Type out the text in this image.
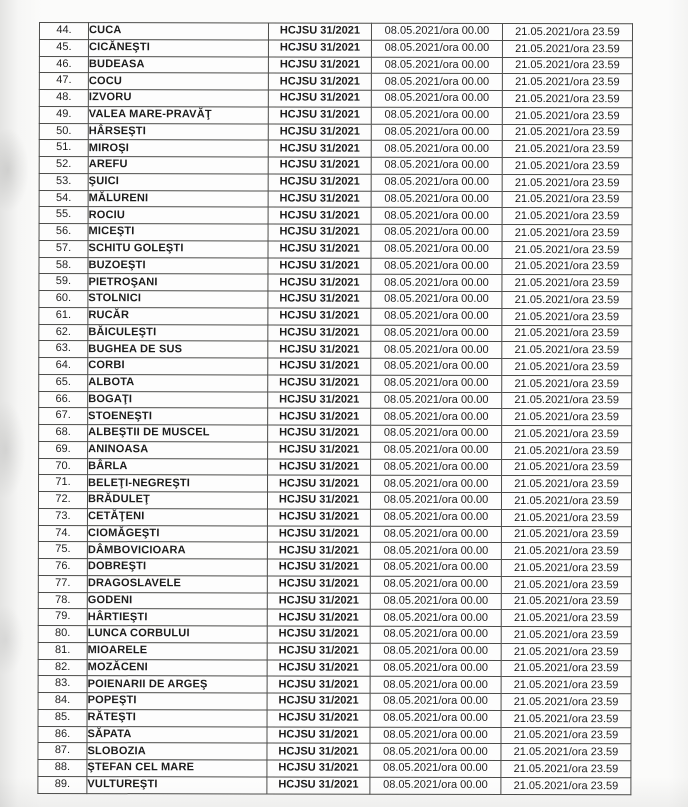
44.	CUCA	HCJSU 31/2021	08.05.2021/ora 00.00	21.05.2021/ora 23.59
45.	CICĂNEŞTI	HCJSU 31/2021	08.05.2021/ora 00.00	21.05.2021/ora 23.59
46.	BUDEASA	HCJSU 31/2021	08.05.2021/ora 00.00	21.05.2021/ora 23.59
47.	COCU	HCJSU 31/2021	08.05.2021/ora 00.00	21.05.2021/ora 23.59
48.	IZVORU	HCJSU 31/2021	08.05.2021/ora 00.00	21.05.2021/ora 23.59
49.	VALEA MARE-PRAVĂŢ	HCJSU 31/2021	08.05.2021/ora 00.00	21.05.2021/ora 23.59
50.	HÂRSEŞTI	HCJSU 31/2021	08.05.2021/ora 00.00	21.05.2021/ora 23.59
51.	MIROŞI	HCJSU 31/2021	08.05.2021/ora 00.00	21.05.2021/ora 23.59
52.	AREFU	HCJSU 31/2021	08.05.2021/ora 00.00	21.05.2021/ora 23.59
53.	ŞUICI	HCJSU 31/2021	08.05.2021/ora 00.00	21.05.2021/ora 23.59
54.	MĂLURENI	HCJSU 31/2021	08.05.2021/ora 00.00	21.05.2021/ora 23.59
55.	ROCIU	HCJSU 31/2021	08.05.2021/ora 00.00	21.05.2021/ora 23.59
56.	MICEŞTI	HCJSU 31/2021	08.05.2021/ora 00.00	21.05.2021/ora 23.59
57.	SCHITU GOLEŞTI	HCJSU 31/2021	08.05.2021/ora 00.00	21.05.2021/ora 23.59
58.	BUZOEŞTI	HCJSU 31/2021	08.05.2021/ora 00.00	21.05.2021/ora 23.59
59.	PIETROŞANI	HCJSU 31/2021	08.05.2021/ora 00.00	21.05.2021/ora 23.59
60.	STOLNICI	HCJSU 31/2021	08.05.2021/ora 00.00	21.05.2021/ora 23.59
61.	RUCĂR	HCJSU 31/2021	08.05.2021/ora 00.00	21.05.2021/ora 23.59
62.	BĂICULEŞTI	HCJSU 31/2021	08.05.2021/ora 00.00	21.05.2021/ora 23.59
63.	BUGHEA DE SUS	HCJSU 31/2021	08.05.2021/ora 00.00	21.05.2021/ora 23.59
64.	CORBI	HCJSU 31/2021	08.05.2021/ora 00.00	21.05.2021/ora 23.59
65.	ALBOTA	HCJSU 31/2021	08.05.2021/ora 00.00	21.05.2021/ora 23.59
66.	BOGAŢI	HCJSU 31/2021	08.05.2021/ora 00.00	21.05.2021/ora 23.59
67.	STOENEŞTI	HCJSU 31/2021	08.05.2021/ora 00.00	21.05.2021/ora 23.59
68.	ALBEŞTII DE MUSCEL	HCJSU 31/2021	08.05.2021/ora 00.00	21.05.2021/ora 23.59
69.	ANINOASA	HCJSU 31/2021	08.05.2021/ora 00.00	21.05.2021/ora 23.59
70.	BÂRLA	HCJSU 31/2021	08.05.2021/ora 00.00	21.05.2021/ora 23.59
71.	BELEŢI-NEGREŞTI	HCJSU 31/2021	08.05.2021/ora 00.00	21.05.2021/ora 23.59
72.	BRĂDULEŢ	HCJSU 31/2021	08.05.2021/ora 00.00	21.05.2021/ora 23.59
73.	CETĂŢENI	HCJSU 31/2021	08.05.2021/ora 00.00	21.05.2021/ora 23.59
74.	CIOMĂGEŞTI	HCJSU 31/2021	08.05.2021/ora 00.00	21.05.2021/ora 23.59
75.	DÂMBOVICIOARA	HCJSU 31/2021	08.05.2021/ora 00.00	21.05.2021/ora 23.59
76.	DOBREŞTI	HCJSU 31/2021	08.05.2021/ora 00.00	21.05.2021/ora 23.59
77.	DRAGOSLAVELE	HCJSU 31/2021	08.05.2021/ora 00.00	21.05.2021/ora 23.59
78.	GODENI	HCJSU 31/2021	08.05.2021/ora 00.00	21.05.2021/ora 23.59
79.	HÂRTIEŞTI	HCJSU 31/2021	08.05.2021/ora 00.00	21.05.2021/ora 23.59
80.	LUNCA CORBULUI	HCJSU 31/2021	08.05.2021/ora 00.00	21.05.2021/ora 23.59
81.	MIOARELE	HCJSU 31/2021	08.05.2021/ora 00.00	21.05.2021/ora 23.59
82.	MOZĂCENI	HCJSU 31/2021	08.05.2021/ora 00.00	21.05.2021/ora 23.59
83.	POIENARII DE ARGEŞ	HCJSU 31/2021	08.05.2021/ora 00.00	21.05.2021/ora 23.59
84.	POPEŞTI	HCJSU 31/2021	08.05.2021/ora 00.00	21.05.2021/ora 23.59
85.	RĂTEŞTI	HCJSU 31/2021	08.05.2021/ora 00.00	21.05.2021/ora 23.59
86.	SĂPATA	HCJSU 31/2021	08.05.2021/ora 00.00	21.05.2021/ora 23.59
87.	SLOBOZIA	HCJSU 31/2021	08.05.2021/ora 00.00	21.05.2021/ora 23.59
88.	ŞTEFAN CEL MARE	HCJSU 31/2021	08.05.2021/ora 00.00	21.05.2021/ora 23.59
89.	VULTUREŞTI	HCJSU 31/2021	08.05.2021/ora 00.00	21.05.2021/ora 23.59
